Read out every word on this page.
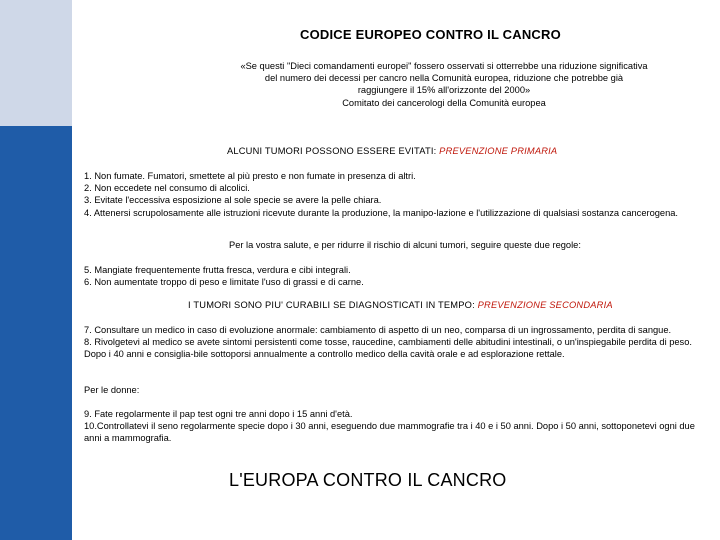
CODICE EUROPEO CONTRO IL CANCRO
«Se questi "Dieci comandamenti europei" fossero osservati si otterrebbe una riduzione significativa del numero dei decessi per cancro nella Comunità europea, riduzione che potrebbe già raggiungere il 15% all'orizzonte del 2000»
Comitato dei cancerologi della Comunità europea
ALCUNI TUMORI POSSONO ESSERE EVITATI: PREVENZIONE PRIMARIA
1. Non fumate. Fumatori, smettete al più presto e non fumate in presenza di altri.
2. Non eccedete nel consumo di alcolici.
3. Evitate l'eccessiva esposizione al sole specie se avere la pelle chiara.
4. Attenersi scrupolosamente alle istruzioni ricevute durante la produzione, la manipo-lazione e l'utilizzazione di qualsiasi sostanza cancerogena.
Per la vostra salute, e per ridurre il rischio di alcuni tumori, seguire queste due regole:
5. Mangiate frequentemente frutta fresca, verdura e cibi integrali.
6. Non aumentate troppo di peso e limitate l'uso di grassi e di carne.
I TUMORI SONO PIU' CURABILI SE DIAGNOSTICATI IN TEMPO: PREVENZIONE SECONDARIA
7. Consultare un medico in caso di evoluzione anormale: cambiamento di aspetto di un neo, comparsa di un ingrossamento, perdita di sangue.
8. Rivolgetevi al medico se avete sintomi persistenti come tosse, raucedine, cambiamenti delle abitudini intestinali, o un'inspiegabile perdita di peso. Dopo i 40 anni e consiglia-bile sottoporsi annualmente a controllo medico della cavità orale e ad esplorazione rettale.
Per le donne:
9. Fate regolarmente il pap test ogni tre anni dopo i 15 anni d'età.
10.Controllatevi il seno regolarmente specie dopo i 30 anni, eseguendo due mammografie tra i 40 e i 50 anni. Dopo i 50 anni, sottoponetevi ogni due anni a mammografia.
L'EUROPA CONTRO IL CANCRO
